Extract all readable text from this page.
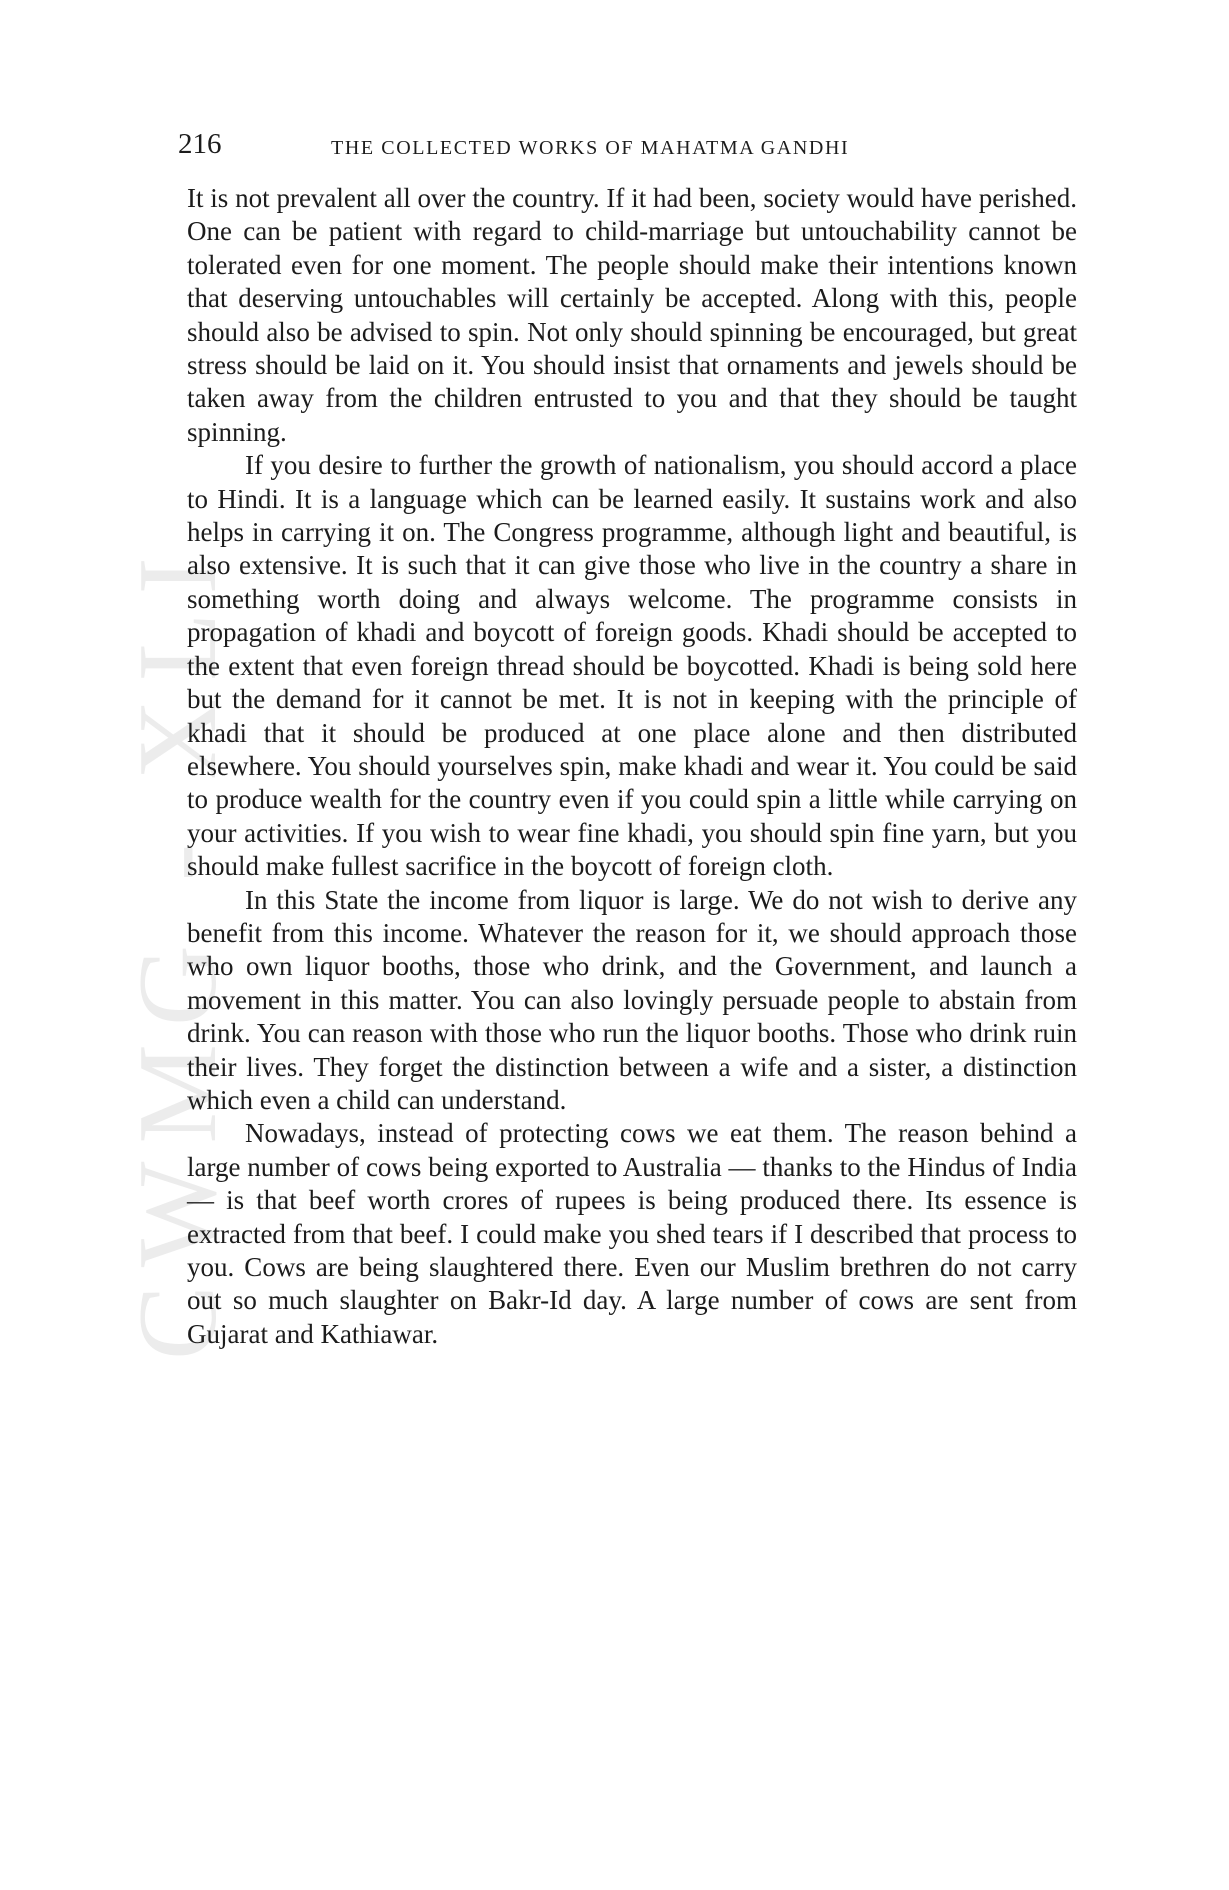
CWMG - XLI
216	THE COLLECTED WORKS OF MAHATMA GANDHI

It is not prevalent all over the country. If it had been, society would have perished. One can be patient with regard to child-marriage but untouchability cannot be tolerated even for one moment. The people should make their intentions known that deserving untouchables will certainly be accepted. Along with this, people should also be advised to spin. Not only should spinning be encouraged, but great stress should be laid on it. You should insist that ornaments and jewels should be taken away from the children entrusted to you and that they should be taught spinning.

If you desire to further the growth of nationalism, you should accord a place to Hindi. It is a language which can be learned easily. It sustains work and also helps in carrying it on. The Congress programme, although light and beautiful, is also extensive. It is such that it can give those who live in the country a share in something worth doing and always welcome. The programme consists in propagation of khadi and boycott of foreign goods. Khadi should be accepted to the extent that even foreign thread should be boycotted. Khadi is being sold here but the demand for it cannot be met. It is not in keeping with the principle of khadi that it should be produced at one place alone and then distributed elsewhere. You should yourselves spin, make khadi and wear it. You could be said to produce wealth for the country even if you could spin a little while carrying on your activities. If you wish to wear fine khadi, you should spin fine yarn, but you should make fullest sacrifice in the boycott of foreign cloth.

In this State the income from liquor is large. We do not wish to derive any benefit from this income. Whatever the reason for it, we should approach those who own liquor booths, those who drink, and the Government, and launch a movement in this matter. You can also lovingly persuade people to abstain from drink. You can reason with those who run the liquor booths. Those who drink ruin their lives. They forget the distinction between a wife and a sister, a distinction which even a child can understand.

Nowadays, instead of protecting cows we eat them. The reason behind a large number of cows being exported to Australia — thanks to the Hindus of India — is that beef worth crores of rupees is being produced there. Its essence is extracted from that beef. I could make you shed tears if I described that process to you. Cows are being slaughtered there. Even our Muslim brethren do not carry out so much slaughter on Bakr-Id day. A large number of cows are sent from Gujarat and Kathiawar.
